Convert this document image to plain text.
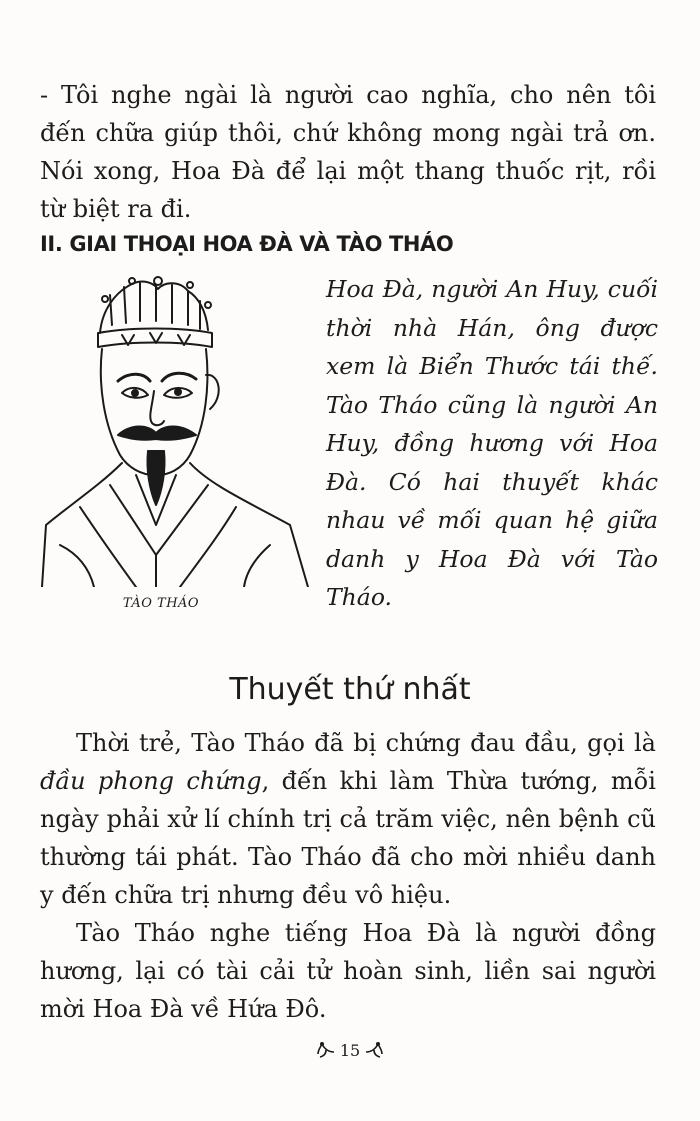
- Tôi nghe ngài là người cao nghĩa, cho nên tôi đến chữa giúp thôi, chứ không mong ngài trả ơn. Nói xong, Hoa Đà để lại một thang thuốc rịt, rồi từ biệt ra đi.

II. GIAI THOẠI HOA ĐÀ VÀ TÀO THÁO

TÀO THÁO

Hoa Đà, người An Huy, cuối thời nhà Hán, ông được xem là Biển Thước tái thế. Tào Tháo cũng là người An Huy, đồng hương với Hoa Đà. Có hai thuyết khác nhau về mối quan hệ giữa danh y Hoa Đà với Tào Tháo.

Thuyết thứ nhất

Thời trẻ, Tào Tháo đã bị chứng đau đầu, gọi là đầu phong chứng, đến khi làm Thừa tướng, mỗi ngày phải xử lí chính trị cả trăm việc, nên bệnh cũ thường tái phát. Tào Tháo đã cho mời nhiều danh y đến chữa trị nhưng đều vô hiệu.

Tào Tháo nghe tiếng Hoa Đà là người đồng hương, lại có tài cải tử hoàn sinh, liền sai người mời Hoa Đà về Hứa Đô.

15
